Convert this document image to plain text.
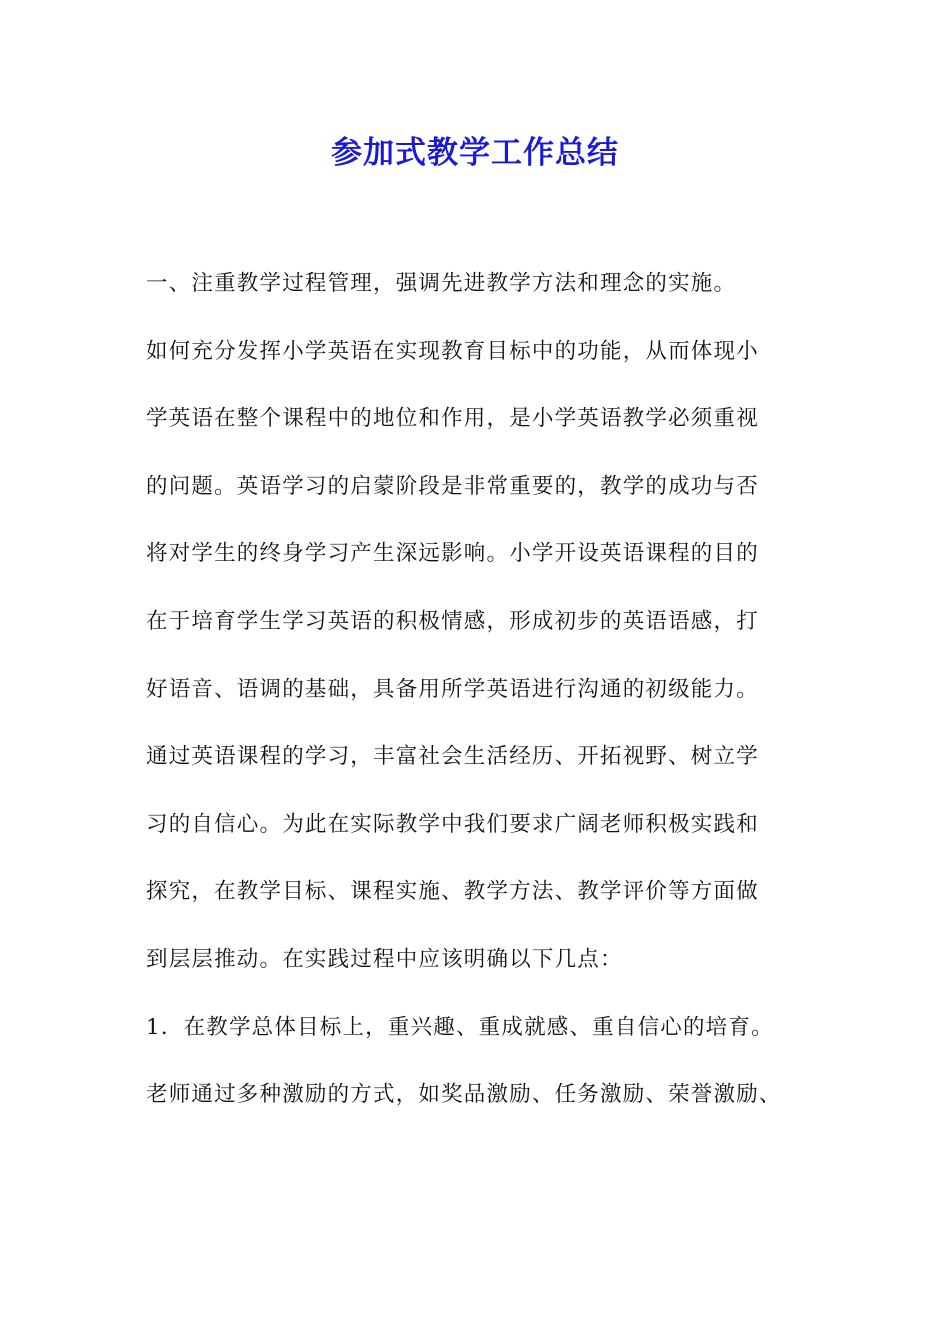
参加式教学工作总结
一、注重教学过程管理，强调先进教学方法和理念的实施。
如何充分发挥小学英语在实现教育目标中的功能，从而体现小
学英语在整个课程中的地位和作用，是小学英语教学必须重视
的问题。英语学习的启蒙阶段是非常重要的，教学的成功与否
将对学生的终身学习产生深远影响。小学开设英语课程的目的
在于培育学生学习英语的积极情感，形成初步的英语语感，打
好语音、语调的基础，具备用所学英语进行沟通的初级能力。
通过英语课程的学习，丰富社会生活经历、开拓视野、树立学
习的自信心。为此在实际教学中我们要求广阔老师积极实践和
探究，在教学目标、课程实施、教学方法、教学评价等方面做
到层层推动。在实践过程中应该明确以下几点：
1．在教学总体目标上，重兴趣、重成就感、重自信心的培育。
老师通过多种激励的方式，如奖品激励、任务激励、荣誉激励、
